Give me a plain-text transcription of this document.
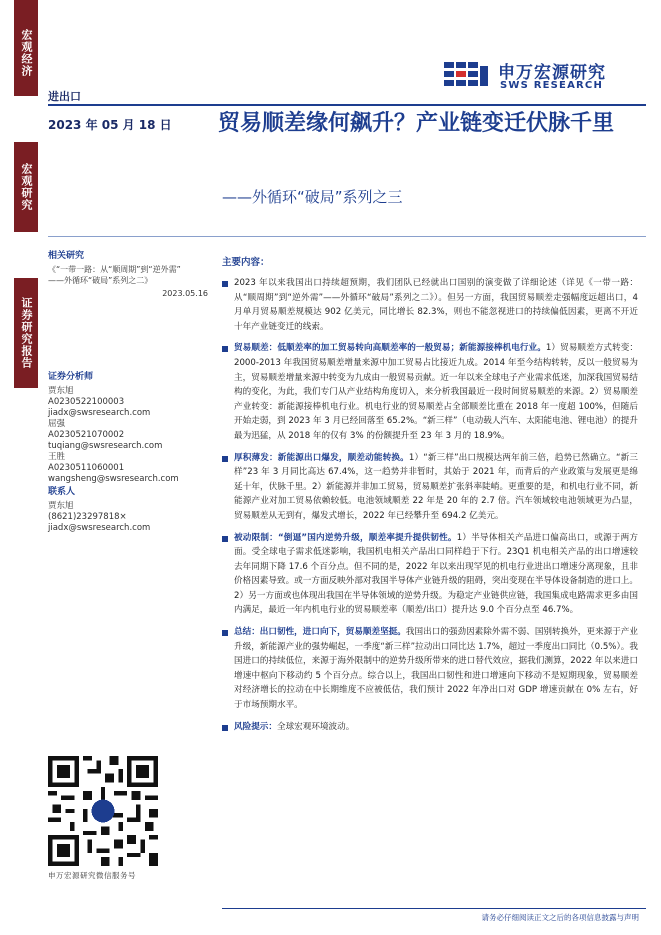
宏观经济
宏观研究
证券研究报告
申万宏源研究
SWS RESEARCH
进出口
2023 年 05 月 18 日 贸易顺差缘何飙升？产业链变迁伏脉千里
——外循环“破局”系列之三
相关研究
《“一带一路：从“顺周期”到“逆外需”
——外循环“破局”系列之二》
2023.05.16
证券分析师
贾东旭
A0230522100003
jiadx@swsresearch.com
屈强
A0230521070002
tuqiang@swsresearch.com
王胜
A0230511060001
wangsheng@swsresearch.com
联系人
贾东旭
(8621)23297818×
jiadx@swsresearch.com
申万宏源研究微信服务号
主要内容：
2023 年以来我国出口持续超预期，我们团队已经就出口国别的演变做了详细论述（详见《一带一路：从“顺周期”到“逆外需”——外循环“破局”系列之二》）。但另一方面，我国贸易顺差走强幅度远超出口，4 月单月贸易顺差规模达 902 亿美元，同比增长 82.3%，则也不能忽视进口的持续偏低因素，更离不开近十年产业链变迁的线索。
贸易顺差：低顺差率的加工贸易转向高顺差率的一般贸易；新能源接棒机电行业。1）贸易顺差方式转变：2000-2013 年我国贸易顺差增量来源中加工贸易占比接近九成。2014 年至今结构转转，反以一般贸易为主，贸易顺差增量来源中转变为九成由一般贸易贡献。近一年以来全球电子产业需求低迷，加深我国贸易结构的变化，为此，我们专门从产业结构角度切入，来分析我国最近一段时间贸易顺差的来源。2）贸易顺差产业转变：新能源接棒机电行业。机电行业的贸易顺差占全部顺差比重在 2018 年一度超 100%，但随后开始走弱，到 2023 年 3 月已经回落至 65.2%。“新三样”（电动载人汽车、太阳能电池、锂电池）的提升最为迅猛，从 2018 年的仅有 3% 的份额提升至 23 年 3 月的 18.9%。
厚积薄发：新能源出口爆发，顺差动能转换。1）“新三样”出口规模达两年前三倍，趋势已然确立。“新三样”23 年 3 月同比高达 67.4%，这一趋势并非暂时，其始于 2021 年，而背后的产业政策与发展更是绵延十年，伏脉千里。2）新能源并非加工贸易，贸易顺差扩张斜率陡峭。更重要的是，和机电行业不同，新能源产业对加工贸易依赖较低。电池领域顺差 22 年是 20 年的 2.7 倍。汽车领域较电池领域更为凸显，贸易顺差从无到有，爆发式增长，2022 年已经攀升至 694.2 亿美元。
被动限制：“倒逼”国内逆势升级，顺差率提升提供韧性。1）半导体相关产品进口偏高出口，或源于两方面。受全球电子需求低迷影响，我国机电相关产品出口同样趋于下行。23Q1 机电相关产品的出口增速较去年同期下降 17.6 个百分点。但不同的是，2022 年以来出现罕见的机电行业进出口增速分离现象，且非价格因素导致。或一方面反映外部对我国半导体产业链升级的阻碍，突出变现在半导体设备制造的进口上。2）另一方面或也体现出我国在半导体领域的逆势升级。为稳定产业链供应链，我国集成电路需求更多由国内满足，最近一年内机电行业的贸易顺差率（顺差/出口）提升达 9.0 个百分点至 46.7%。
总结：出口韧性，进口向下，贸易顺差坚挺。我国出口的强劲因素除外需不弱、国别转换外，更来源于产业升级，新能源产业的强势崛起，一季度“新三样”拉动出口同比达 1.7%，超过一季度出口同比（0.5%）。我国进口的持续低位，来源于海外限制中的逆势升级所带来的进口替代效应，据我们测算，2022 年以来进口增速中枢向下移动约 5 个百分点。综合以上，我国出口韧性和进口增速向下移动不是短期现象，贸易顺差对经济增长的拉动在中长期维度不应被低估，我们预计 2022 年净出口对 GDP 增速贡献在 0% 左右，好于市场预期水平。
风险提示：全球宏观环境波动。
请务必仔细阅读正文之后的各项信息披露与声明
